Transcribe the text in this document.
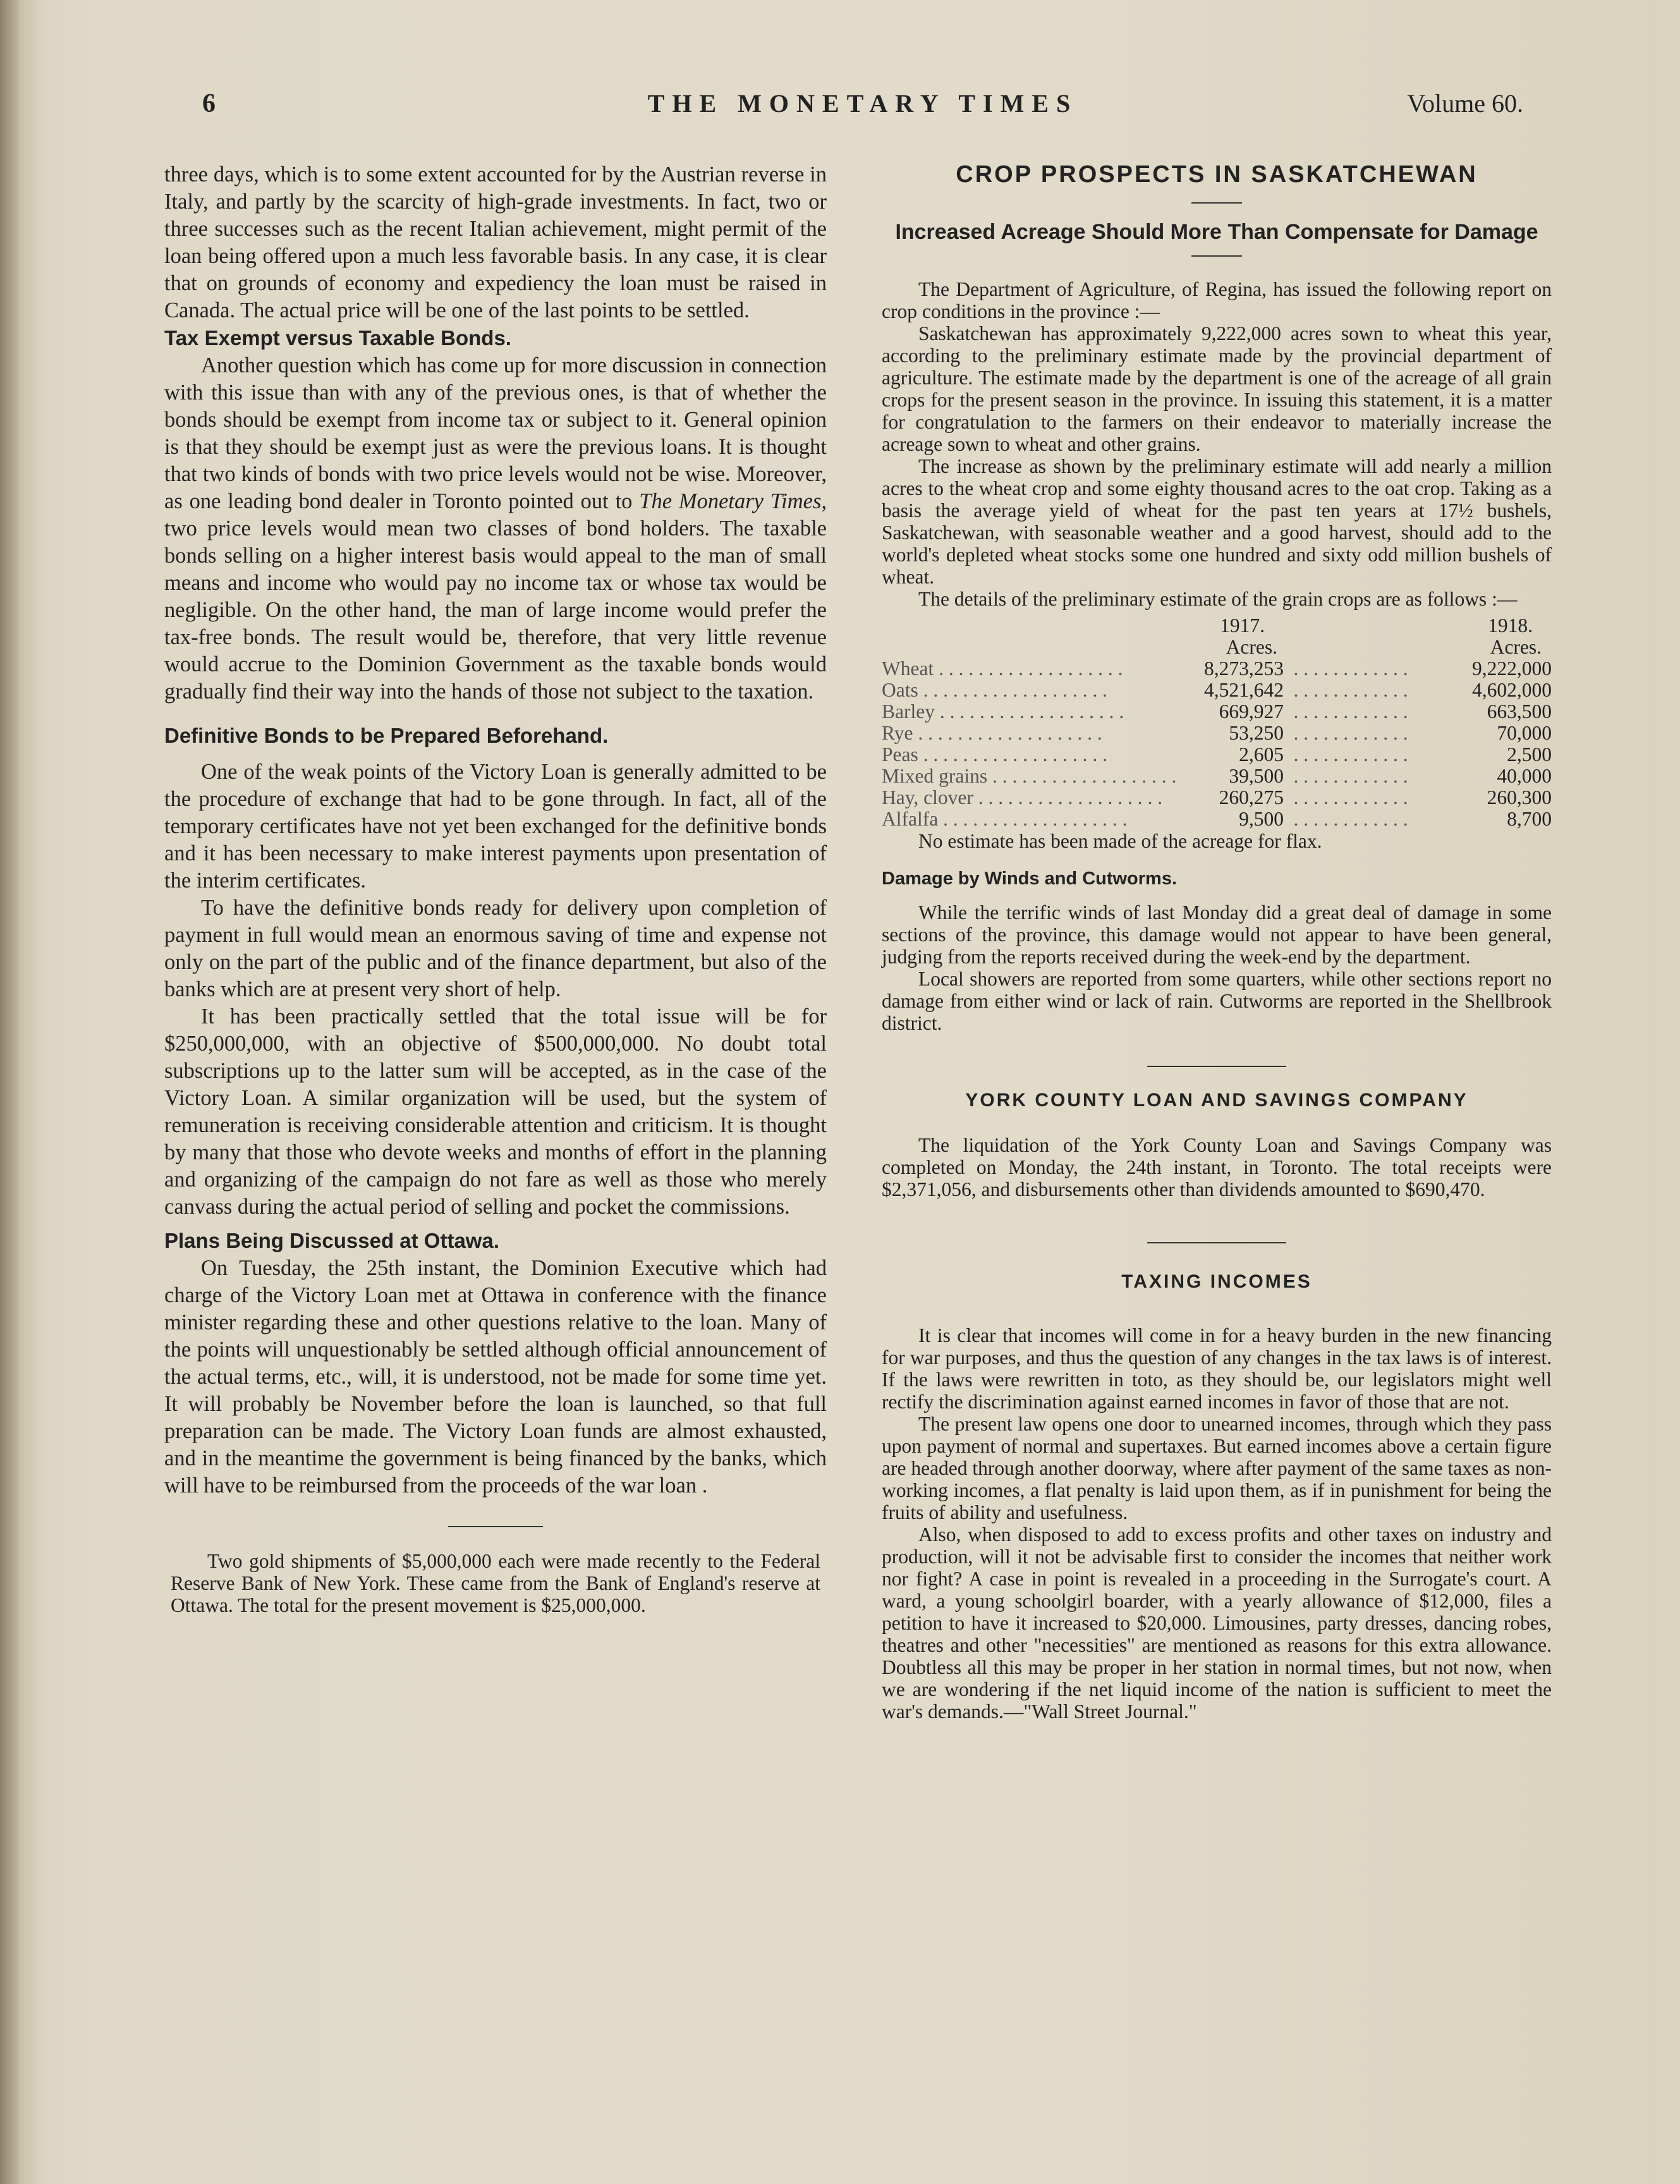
6	THE MONETARY TIMES	Volume 60.

three days, which is to some extent accounted for by the Austrian reverse in Italy, and partly by the scarcity of high-grade investments. In fact, two or three successes such as the recent Italian achievement, might permit of the loan being offered upon a much less favorable basis. In any case, it is clear that on grounds of economy and expediency the loan must be raised in Canada. The actual price will be one of the last points to be settled.

Tax Exempt versus Taxable Bonds.

Another question which has come up for more discussion in connection with this issue than with any of the previous ones, is that of whether the bonds should be exempt from income tax or subject to it. General opinion is that they should be exempt just as were the previous loans. It is thought that two kinds of bonds with two price levels would not be wise. Moreover, as one leading bond dealer in Toronto pointed out to The Monetary Times, two price levels would mean two classes of bond holders. The taxable bonds selling on a higher interest basis would appeal to the man of small means and income who would pay no income tax or whose tax would be negligible. On the other hand, the man of large income would prefer the tax-free bonds. The result would be, therefore, that very little revenue would accrue to the Dominion Government as the taxable bonds would gradually find their way into the hands of those not subject to the taxation.

Definitive Bonds to be Prepared Beforehand.

One of the weak points of the Victory Loan is generally admitted to be the procedure of exchange that had to be gone through. In fact, all of the temporary certificates have not yet been exchanged for the definitive bonds and it has been necessary to make interest payments upon presentation of the interim certificates.

To have the definitive bonds ready for delivery upon completion of payment in full would mean an enormous saving of time and expense not only on the part of the public and of the finance department, but also of the banks which are at present very short of help.

It has been practically settled that the total issue will be for $250,000,000, with an objective of $500,000,000. No doubt total subscriptions up to the latter sum will be accepted, as in the case of the Victory Loan. A similar organization will be used, but the system of remuneration is receiving considerable attention and criticism. It is thought by many that those who devote weeks and months of effort in the planning and organizing of the campaign do not fare as well as those who merely canvass during the actual period of selling and pocket the commissions.

Plans Being Discussed at Ottawa.

On Tuesday, the 25th instant, the Dominion Executive which had charge of the Victory Loan met at Ottawa in conference with the finance minister regarding these and other questions relative to the loan. Many of the points will unquestionably be settled although official announcement of the actual terms, etc., will, it is understood, not be made for some time yet. It will probably be November before the loan is launched, so that full preparation can be made. The Victory Loan funds are almost exhausted, and in the meantime the government is being financed by the banks, which will have to be reimbursed from the proceeds of the war loan .

Two gold shipments of $5,000,000 each were made recently to the Federal Reserve Bank of New York. These came from the Bank of England's reserve at Ottawa. The total for the present movement is $25,000,000.

CROP PROSPECTS IN SASKATCHEWAN
Increased Acreage Should More Than Compensate for Damage

The Department of Agriculture, of Regina, has issued the following report on crop conditions in the province :—

Saskatchewan has approximately 9,222,000 acres sown to wheat this year, according to the preliminary estimate made by the provincial department of agriculture. The estimate made by the department is one of the acreage of all grain crops for the present season in the province. In issuing this statement, it is a matter for congratulation to the farmers on their endeavor to materially increase the acreage sown to wheat and other grains.

The increase as shown by the preliminary estimate will add nearly a million acres to the wheat crop and some eighty thousand acres to the oat crop. Taking as a basis the average yield of wheat for the past ten years at 17½ bushels, Saskatchewan, with seasonable weather and a good harvest, should add to the world's depleted wheat stocks some one hundred and sixty odd million bushels of wheat.

The details of the preliminary estimate of the grain crops are as follows :—

	1917.		1918.
	Acres.		Acres.
Wheat . . . . . . . . . . . . . . . . . . .	8,273,253	. . . . . . . . . . . .	9,222,000
Oats . . . . . . . . . . . . . . . . . . .	4,521,642	. . . . . . . . . . . .	4,602,000
Barley . . . . . . . . . . . . . . . . . . .	669,927	. . . . . . . . . . . .	663,500
Rye . . . . . . . . . . . . . . . . . . .	53,250	. . . . . . . . . . . .	70,000
Peas . . . . . . . . . . . . . . . . . . .	2,605	. . . . . . . . . . . .	2,500
Mixed grains . . . . . . . . . . . . . . . . . . .	39,500	. . . . . . . . . . . .	40,000
Hay, clover . . . . . . . . . . . . . . . . . . .	260,275	. . . . . . . . . . . .	260,300
Alfalfa . . . . . . . . . . . . . . . . . . .	9,500	. . . . . . . . . . . .	8,700

No estimate has been made of the acreage for flax.

Damage by Winds and Cutworms.

While the terrific winds of last Monday did a great deal of damage in some sections of the province, this damage would not appear to have been general, judging from the reports received during the week-end by the department.

Local showers are reported from some quarters, while other sections report no damage from either wind or lack of rain. Cutworms are reported in the Shellbrook district.

YORK COUNTY LOAN AND SAVINGS COMPANY

The liquidation of the York County Loan and Savings Company was completed on Monday, the 24th instant, in Toronto. The total receipts were $2,371,056, and disbursements other than dividends amounted to $690,470.

TAXING INCOMES

It is clear that incomes will come in for a heavy burden in the new financing for war purposes, and thus the question of any changes in the tax laws is of interest. If the laws were rewritten in toto, as they should be, our legislators might well rectify the discrimination against earned incomes in favor of those that are not.

The present law opens one door to unearned incomes, through which they pass upon payment of normal and supertaxes. But earned incomes above a certain figure are headed through another doorway, where after payment of the same taxes as non-working incomes, a flat penalty is laid upon them, as if in punishment for being the fruits of ability and usefulness.

Also, when disposed to add to excess profits and other taxes on industry and production, will it not be advisable first to consider the incomes that neither work nor fight? A case in point is revealed in a proceeding in the Surrogate's court. A ward, a young schoolgirl boarder, with a yearly allowance of $12,000, files a petition to have it increased to $20,000. Limousines, party dresses, dancing robes, theatres and other "necessities" are mentioned as reasons for this extra allowance. Doubtless all this may be proper in her station in normal times, but not now, when we are wondering if the net liquid income of the nation is sufficient to meet the war's demands.—"Wall Street Journal."
